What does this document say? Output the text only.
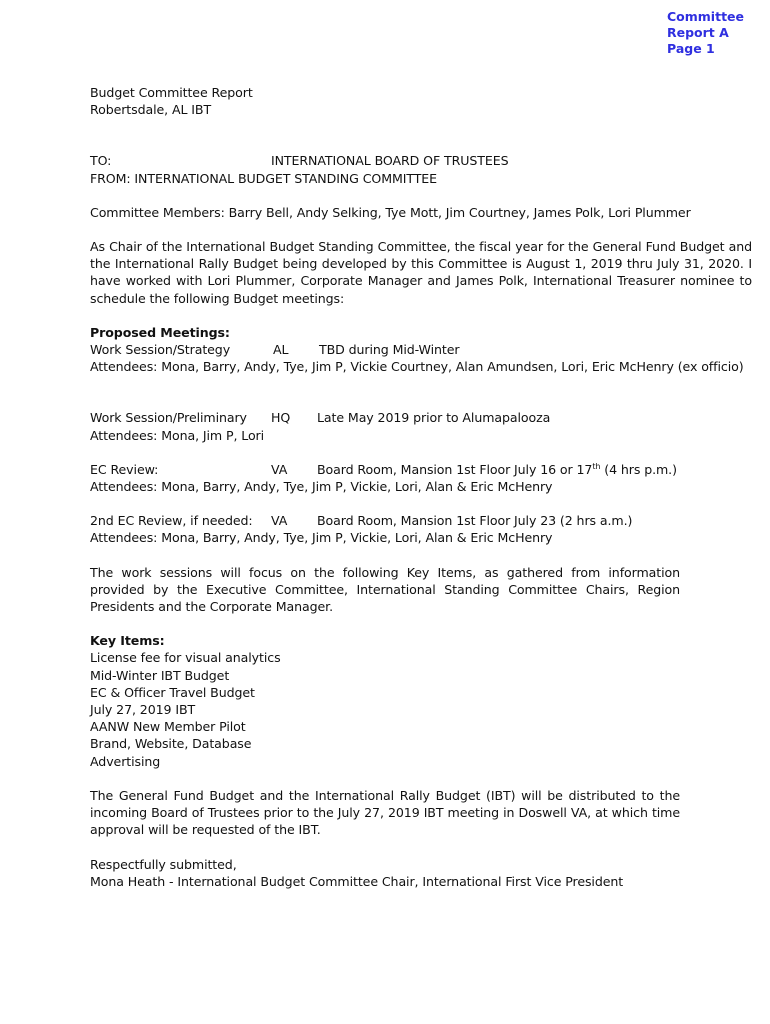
Committee
Report A
Page 1
Budget Committee Report
Robertsdale, AL IBT
TO:	INTERNATIONAL BOARD OF TRUSTEES
FROM: INTERNATIONAL BUDGET STANDING COMMITTEE
Committee Members: Barry Bell, Andy Selking, Tye Mott, Jim Courtney, James Polk, Lori Plummer
As Chair of the International Budget Standing Committee, the fiscal year for the General Fund Budget and the International Rally Budget being developed by this Committee is August 1, 2019 thru July 31, 2020. I have worked with Lori Plummer, Corporate Manager and James Polk, International Treasurer nominee to schedule the following Budget meetings:
Proposed Meetings:
Work Session/Strategy	AL	TBD during Mid-Winter
Attendees: Mona, Barry, Andy, Tye, Jim P, Vickie Courtney, Alan Amundsen, Lori, Eric McHenry (ex officio)
Work Session/Preliminary	HQ	Late May 2019 prior to Alumapalooza
Attendees: Mona, Jim P, Lori
EC Review:	VA	Board Room, Mansion 1st Floor July 16 or 17th (4 hrs p.m.)
Attendees: Mona, Barry, Andy, Tye, Jim P, Vickie, Lori, Alan & Eric McHenry
2nd EC Review, if needed:	VA	Board Room, Mansion 1st Floor July 23 (2 hrs a.m.)
Attendees: Mona, Barry, Andy, Tye, Jim P, Vickie, Lori, Alan & Eric McHenry
The work sessions will focus on the following Key Items, as gathered from information provided by the Executive Committee, International Standing Committee Chairs, Region Presidents and the Corporate Manager.
Key Items:
License fee for visual analytics
Mid-Winter IBT Budget
EC & Officer Travel Budget
July 27, 2019 IBT
AANW New Member Pilot
Brand, Website, Database
Advertising
The General Fund Budget and the International Rally Budget (IBT) will be distributed to the incoming Board of Trustees prior to the July 27, 2019 IBT meeting in Doswell VA, at which time approval will be requested of the IBT.
Respectfully submitted,
Mona Heath - International Budget Committee Chair, International First Vice President
